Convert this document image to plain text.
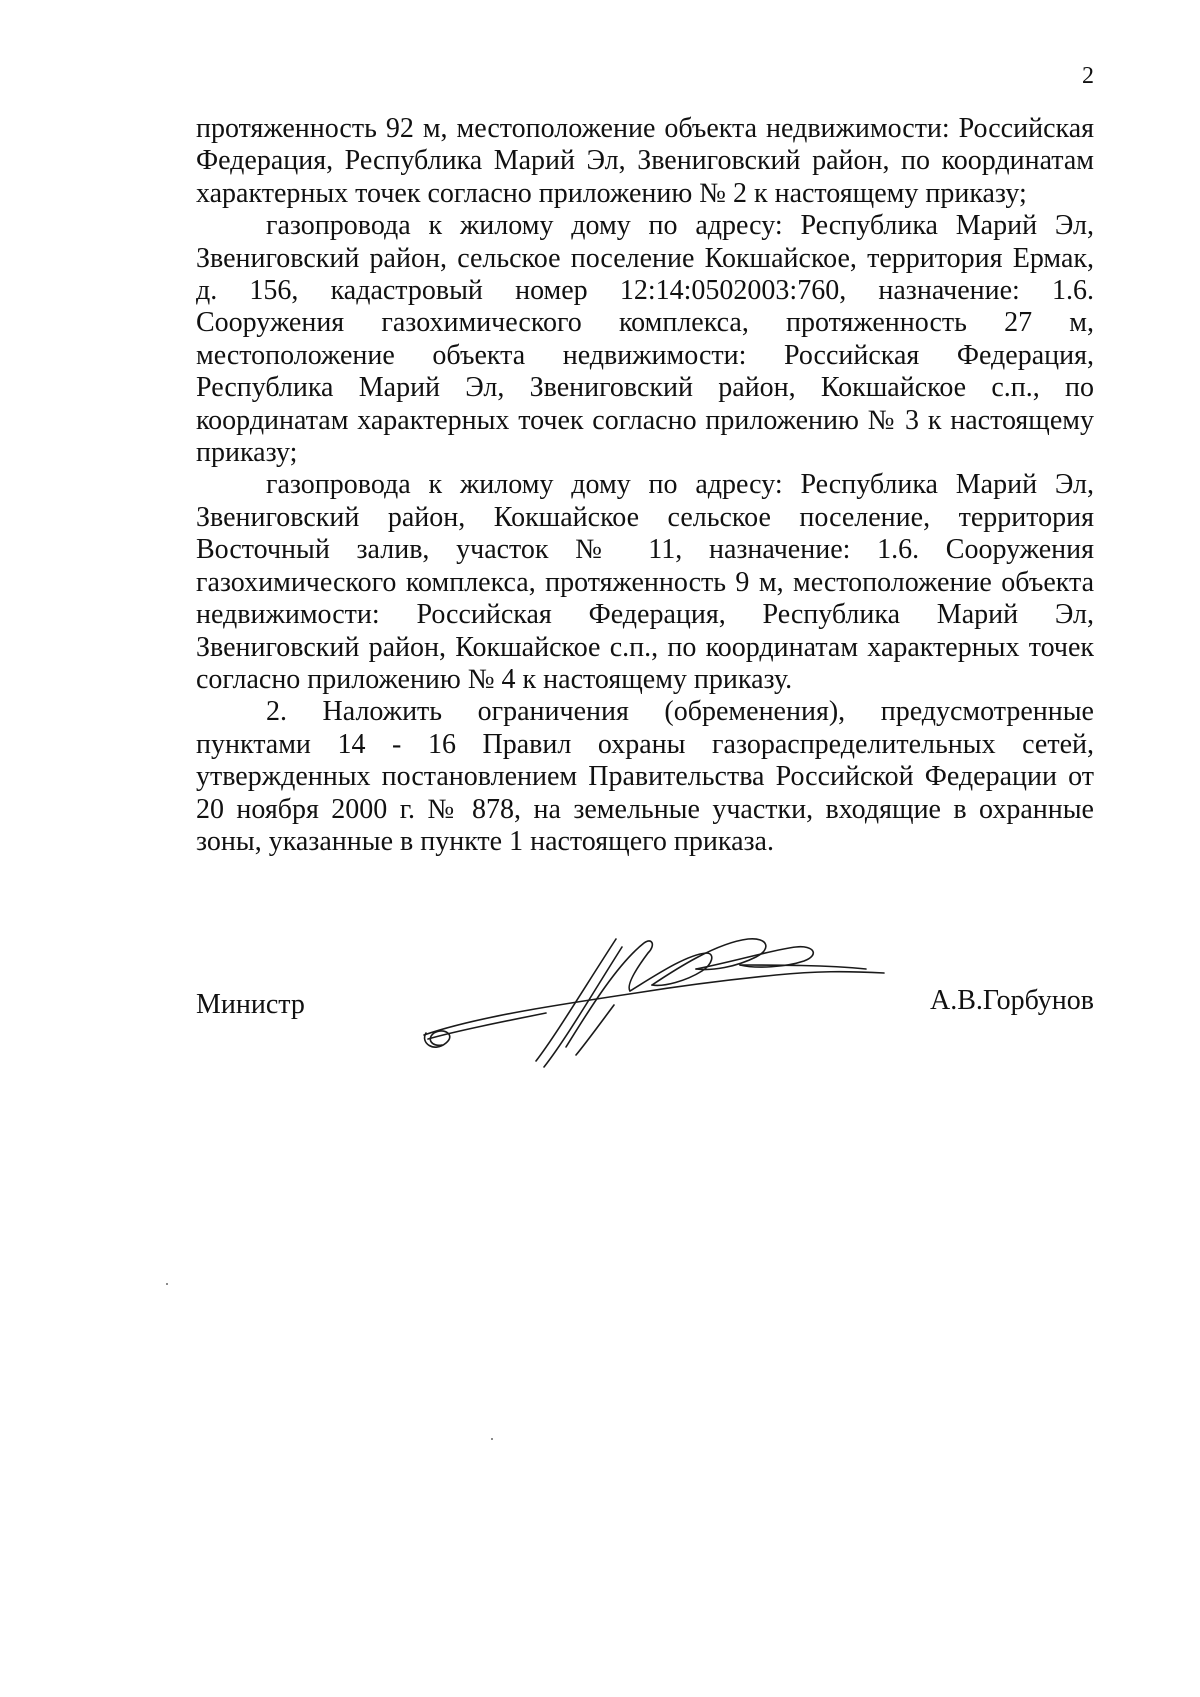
2

протяженность 92 м, местоположение объекта недвижимости: Российская Федерация, Республика Марий Эл, Звениговский район, по координатам характерных точек согласно приложению № 2 к настоящему приказу;

газопровода к жилому дому по адресу: Республика Марий Эл, Звениговский район, сельское поселение Кокшайское, территория Ермак, д. 156, кадастровый номер 12:14:0502003:760, назначение: 1.6. Сооружения газохимического комплекса, протяженность 27 м, местоположение объекта недвижимости: Российская Федерация, Республика Марий Эл, Звениговский район, Кокшайское с.п., по координатам характерных точек согласно приложению № 3 к настоящему приказу;

газопровода к жилому дому по адресу: Республика Марий Эл, Звениговский район, Кокшайское сельское поселение, территория Восточный залив, участок № 11, назначение: 1.6. Сооружения газохимического комплекса, протяженность 9 м, местоположение объекта недвижимости: Российская Федерация, Республика Марий Эл, Звениговский район, Кокшайское с.п., по координатам характерных точек согласно приложению № 4 к настоящему приказу.

2. Наложить ограничения (обременения), предусмотренные пунктами 14 - 16 Правил охраны газораспределительных сетей, утвержденных постановлением Правительства Российской Федерации от 20 ноября 2000 г. № 878, на земельные участки, входящие в охранные зоны, указанные в пункте 1 настоящего приказа.

Министр	А.В.Горбунов
